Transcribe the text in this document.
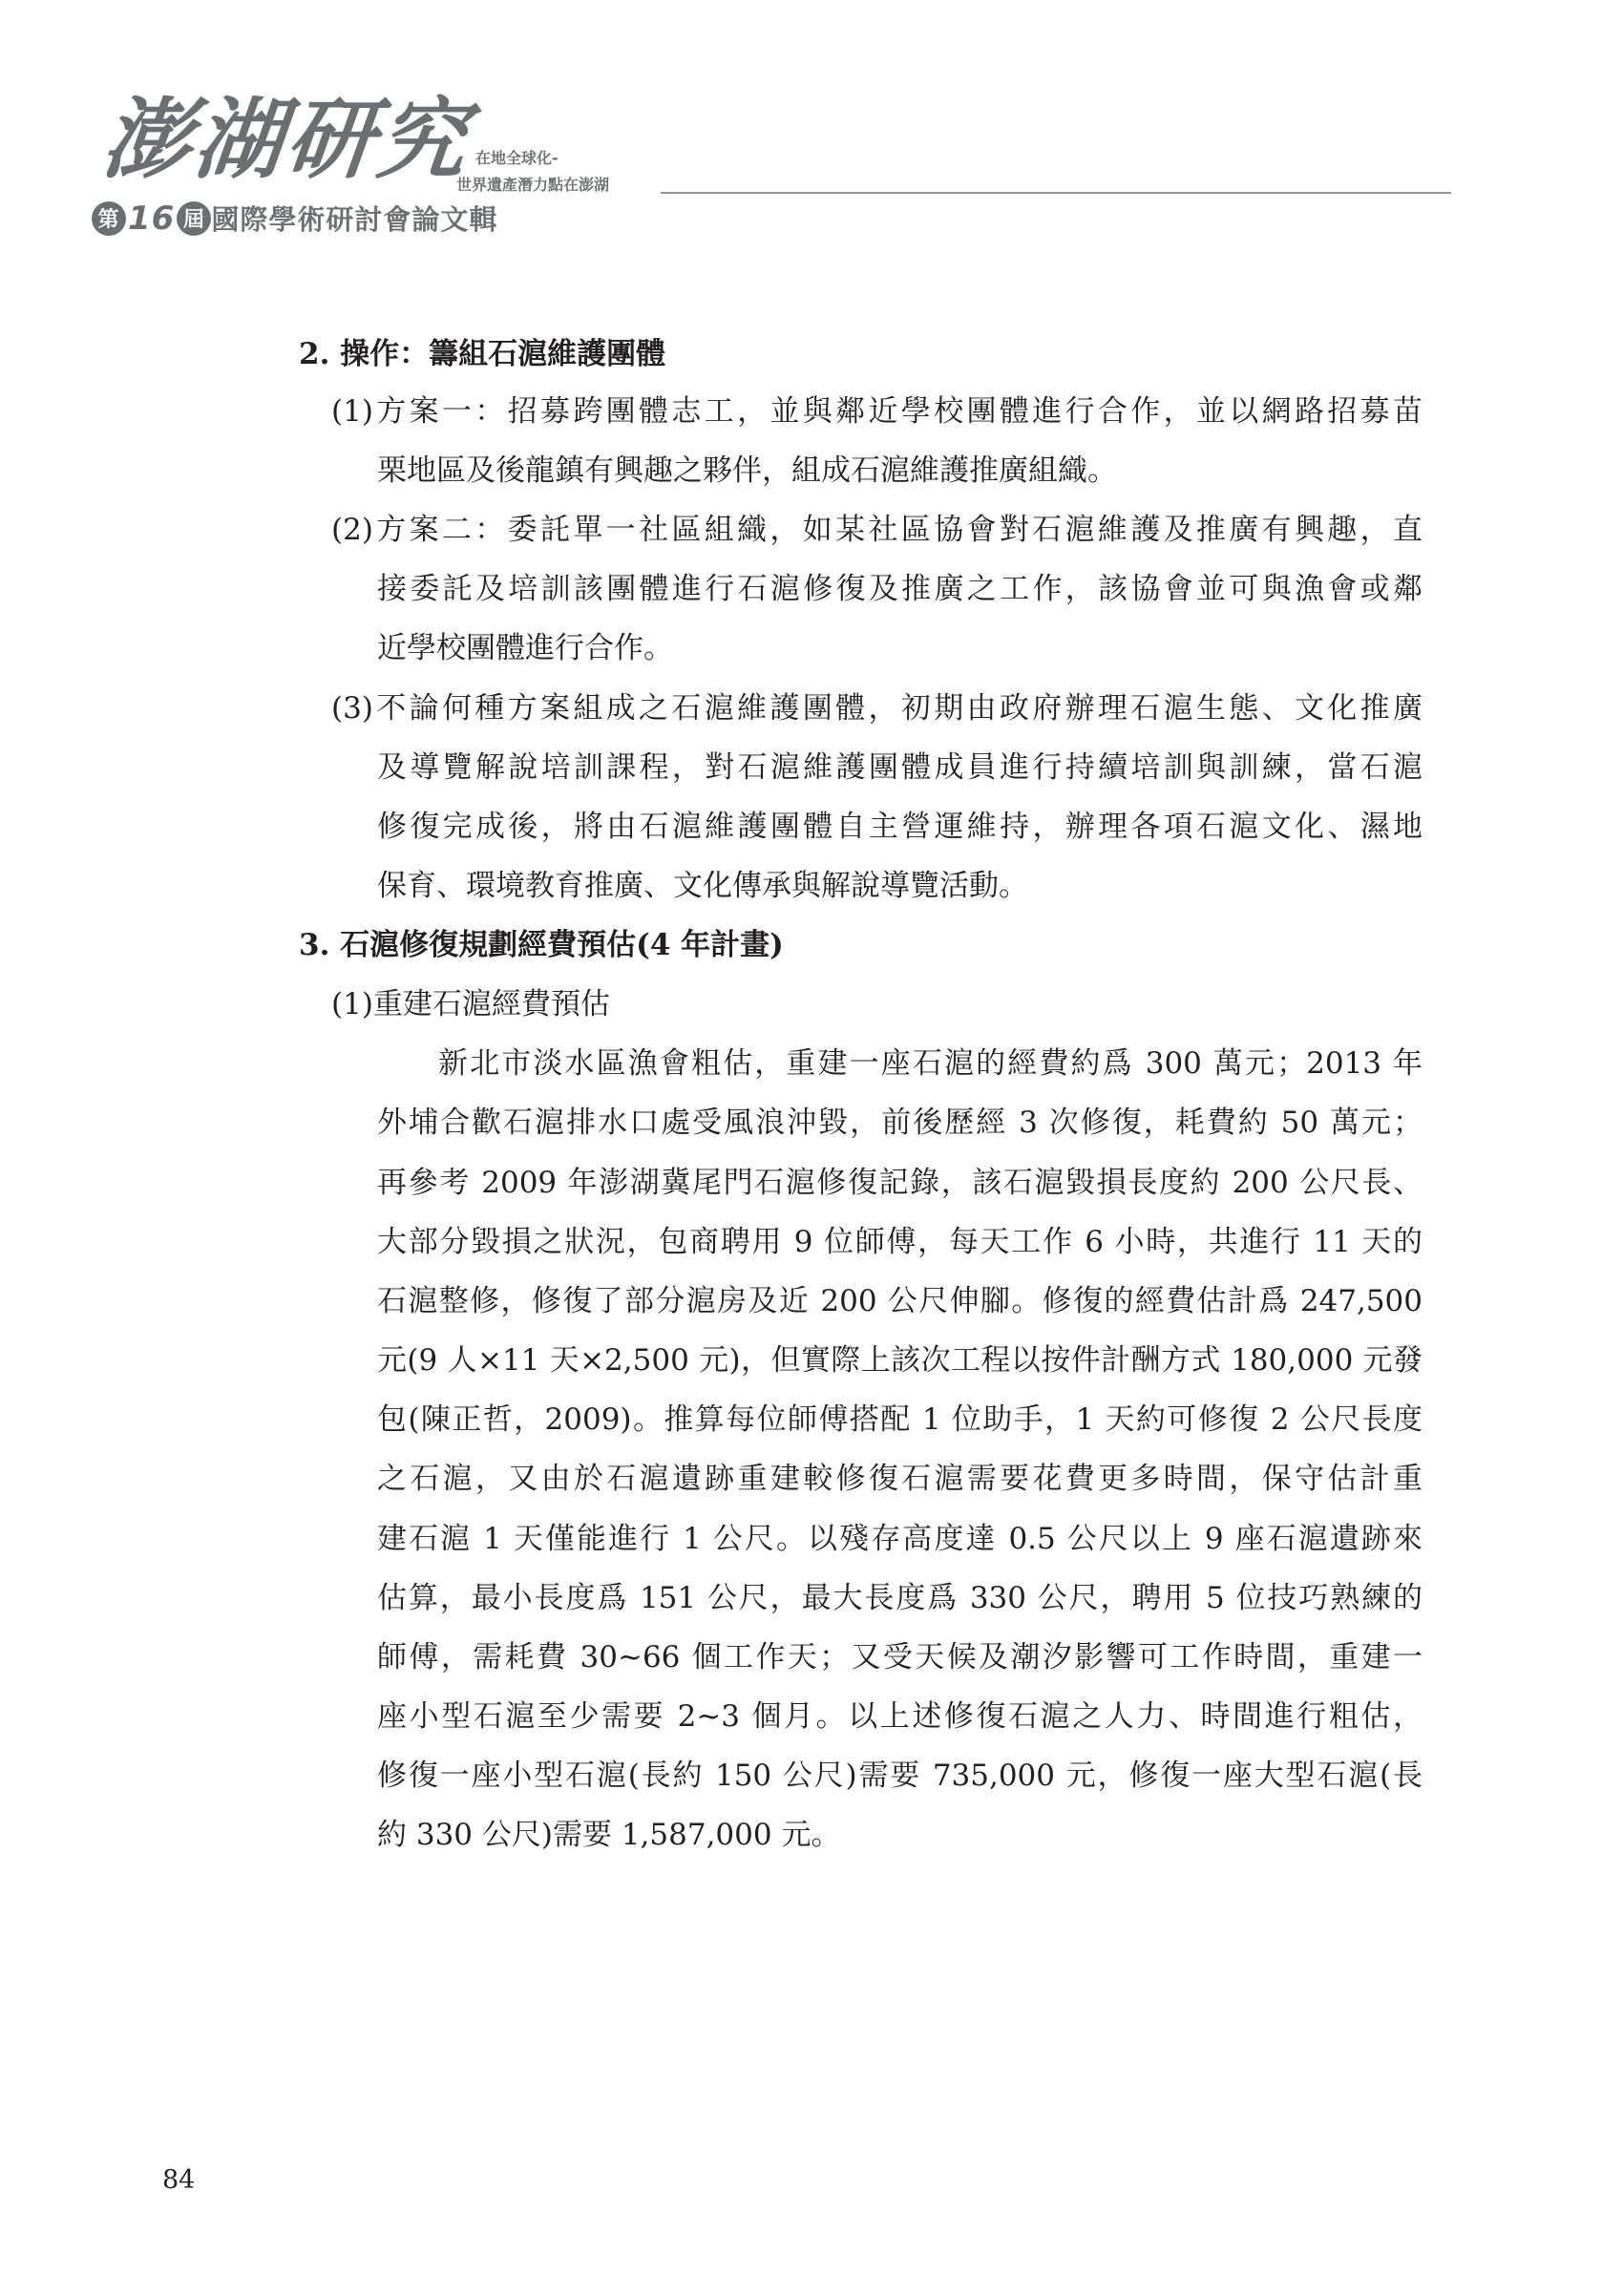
澎湖研究
第 16 屆 國際學術研討會論文輯
在地全球化-
世界遺產潛力點在澎湖
2. 操作：籌組石滬維護團體
(1)方案一：招募跨團體志工，並與鄰近學校團體進行合作，並以網路招募苗
栗地區及後龍鎮有興趣之夥伴，組成石滬維護推廣組織。
(2)方案二：委託單一社區組織，如某社區協會對石滬維護及推廣有興趣，直
接委託及培訓該團體進行石滬修復及推廣之工作，該協會並可與漁會或鄰
近學校團體進行合作。
(3)不論何種方案組成之石滬維護團體，初期由政府辦理石滬生態、文化推廣
及導覽解說培訓課程，對石滬維護團體成員進行持續培訓與訓練，當石滬
修復完成後，將由石滬維護團體自主營運維持，辦理各項石滬文化、濕地
保育、環境教育推廣、文化傳承與解說導覽活動。
3. 石滬修復規劃經費預估(4 年計畫)
(1)重建石滬經費預估
新北市淡水區漁會粗估，重建一座石滬的經費約爲 300 萬元；2013 年
外埔合歡石滬排水口處受風浪沖毀，前後歷經 3 次修復，耗費約 50 萬元；
再參考 2009 年澎湖冀尾門石滬修復記錄，該石滬毀損長度約 200 公尺長、
大部分毀損之狀況，包商聘用 9 位師傅，每天工作 6 小時，共進行 11 天的
石滬整修，修復了部分滬房及近 200 公尺伸腳。修復的經費估計爲 247,500
元(9 人×11 天×2,500 元)，但實際上該次工程以按件計酬方式 180,000 元發
包(陳正哲，2009)。推算每位師傅搭配 1 位助手，1 天約可修復 2 公尺長度
之石滬，又由於石滬遺跡重建較修復石滬需要花費更多時間，保守估計重
建石滬 1 天僅能進行 1 公尺。以殘存高度達 0.5 公尺以上 9 座石滬遺跡來
估算，最小長度爲 151 公尺，最大長度爲 330 公尺，聘用 5 位技巧熟練的
師傅，需耗費 30~66 個工作天；又受天候及潮汐影響可工作時間，重建一
座小型石滬至少需要 2~3 個月。以上述修復石滬之人力、時間進行粗估，
修復一座小型石滬(長約 150 公尺)需要 735,000 元，修復一座大型石滬(長
約 330 公尺)需要 1,587,000 元。
84
